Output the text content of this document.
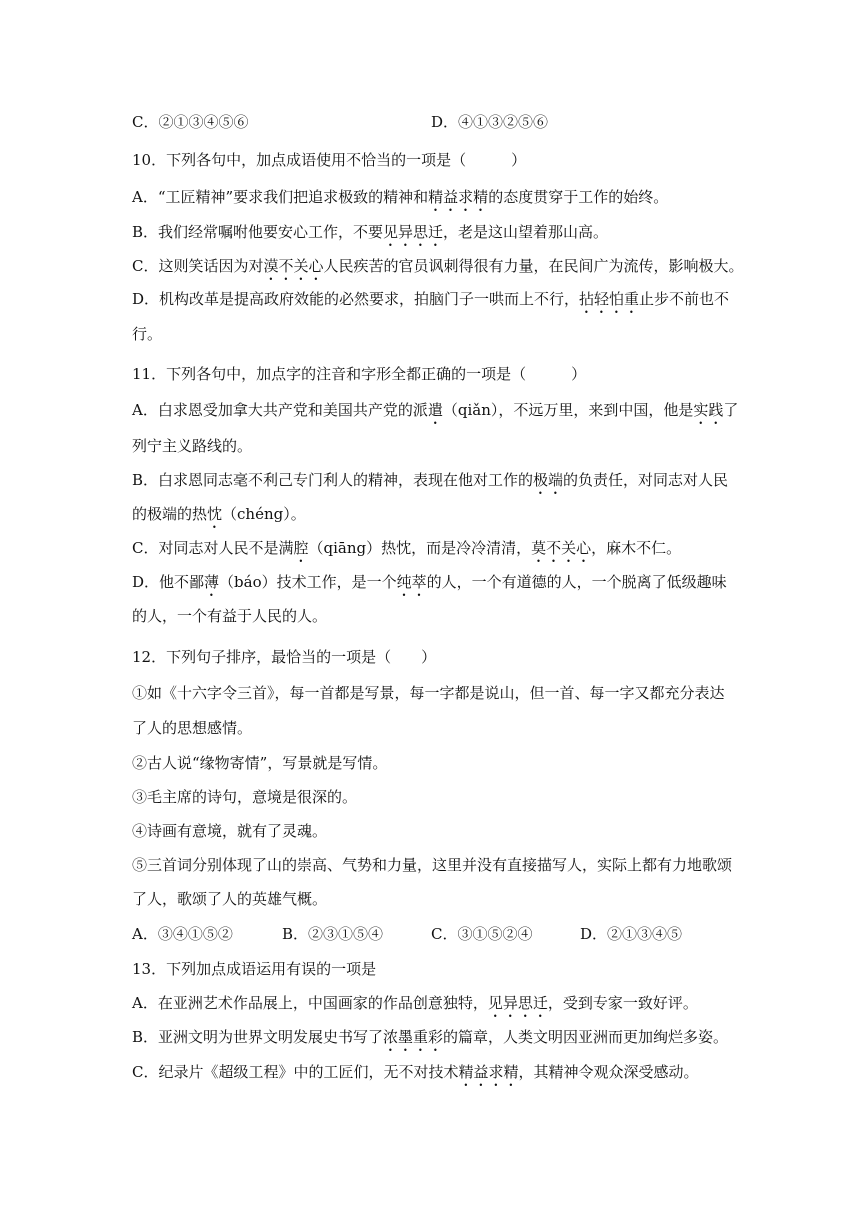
C．②①③④⑤⑥	D．④①③②⑤⑥
10．下列各句中，加点成语使用不恰当的一项是（　　　）
A．“工匠精神”要求我们把追求极致的精神和精益求精的态度贯穿于工作的始终。
B．我们经常嘱咐他要安心工作，不要见异思迁，老是这山望着那山高。
C．这则笑话因为对漠不关心人民疾苦的官员讽刺得很有力量，在民间广为流传，影响极大。
D．机构改革是提高政府效能的必然要求，拍脑门子一哄而上不行，拈轻怕重止步不前也不
行。
11．下列各句中，加点字的注音和字形全都正确的一项是（　　　）
A．白求恩受加拿大共产党和美国共产党的派遣（qiǎn），不远万里，来到中国，他是实践了
列宁主义路线的。
B．白求恩同志毫不利己专门利人的精神，表现在他对工作的极端的负责任，对同志对人民
的极端的热忱（chéng）。
C．对同志对人民不是满腔（qiāng）热忱，而是冷冷清清，莫不关心，麻木不仁。
D．他不鄙薄（báo）技术工作，是一个纯萃的人，一个有道德的人，一个脱离了低级趣味
的人，一个有益于人民的人。
12．下列句子排序，最恰当的一项是（　　）
①如《十六字令三首》，每一首都是写景，每一字都是说山，但一首、每一字又都充分表达
了人的思想感情。
②古人说“缘物寄情”，写景就是写情。
③毛主席的诗句，意境是很深的。
④诗画有意境，就有了灵魂。
⑤三首词分别体现了山的崇高、气势和力量，这里并没有直接描写人，实际上都有力地歌颂
了人，歌颂了人的英雄气概。
A．③④①⑤②	B．②③①⑤④	C．③①⑤②④	D．②①③④⑤
13．下列加点成语运用有误的一项是
A．在亚洲艺术作品展上，中国画家的作品创意独特，见异思迁，受到专家一致好评。
B．亚洲文明为世界文明发展史书写了浓墨重彩的篇章，人类文明因亚洲而更加绚烂多姿。
C．纪录片《超级工程》中的工匠们，无不对技术精益求精，其精神令观众深受感动。
